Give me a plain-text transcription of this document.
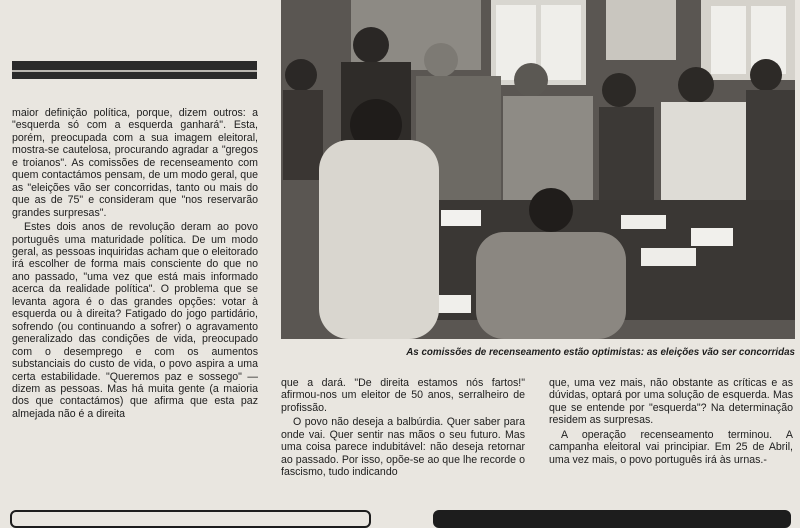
maior definição política, porque, dizem outros: a "esquerda só com a esquerda ganhará". Esta, porém, preocupada com a sua imagem eleitoral, mostra-se cautelosa, procurando agradar a "gregos e troianos". As comissões de recenseamento com quem contactámos pensam, de um modo geral, que as "eleições vão ser concorridas, tanto ou mais do que as de 75" e consideram que "nos reservarão grandes surpresas".

Estes dois anos de revolução deram ao povo português uma maturidade política. De um modo geral, as pessoas inquiridas acham que o eleitorado irá escolher de forma mais consciente do que no ano passado, "uma vez que está mais informado acerca da realidade política". O problema que se levanta agora é o das grandes opções: votar à esquerda ou à direita? Fatigado do jogo partidário, sofrendo (ou continuando a sofrer) o agravamento generalizado das condições de vida, preocupado com o desemprego e com os aumentos substanciais do custo de vida, o povo aspira a uma certa estabilidade. "Queremos paz e sossego" — dizem as pessoas. Mas há muita gente (a maioria dos que contactámos) que afirma que esta paz almejada não é a direita

As comissões de recenseamento estão optimistas: as eleições vão ser concorridas

que a dará. "De direita estamos nós fartos!" afirmou-nos um eleitor de 50 anos, serralheiro de profissão.

O povo não deseja a balbúrdia. Quer saber para onde vai. Quer sentir nas mãos o seu futuro. Mas uma coisa parece indubitável: não deseja retornar ao passado. Por isso, opõe-se ao que lhe recorde o fascismo, tudo indicando

que, uma vez mais, não obstante as críticas e as dúvidas, optará por uma solução de esquerda. Mas que se entende por "esquerda"? Na determinação residem as surpresas.

A operação recenseamento terminou. A campanha eleitoral vai principiar. Em 25 de Abril, uma vez mais, o povo português irá às urnas.-
